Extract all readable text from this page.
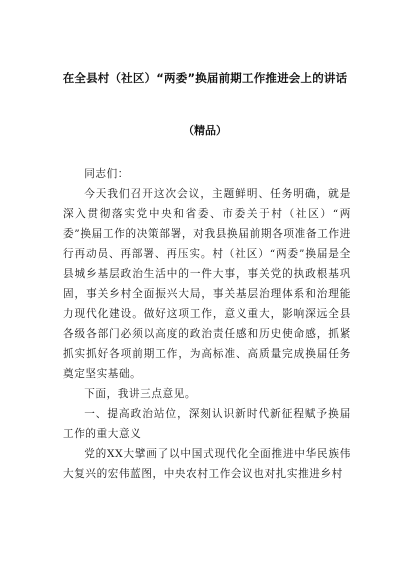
在全县村（社区）“两委”换届前期工作推进会上的讲话
（精品）

同志们：

今天我们召开这次会议，主题鲜明、任务明确，就是深入贯彻落实党中央和省委、市委关于村（社区）“两委”换届工作的决策部署，对我县换届前期各项准备工作进行再动员、再部署、再压实。村（社区）“两委”换届是全县城乡基层政治生活中的一件大事，事关党的执政根基巩固，事关乡村全面振兴大局，事关基层治理体系和治理能力现代化建设。做好这项工作，意义重大，影响深远全县各级各部门必须以高度的政治责任感和历史使命感，抓紧抓实抓好各项前期工作，为高标准、高质量完成换届任务奠定坚实基础。

下面，我讲三点意见。

一、提高政治站位，深刻认识新时代新征程赋予换届工作的重大意义

党的XX大擘画了以中国式现代化全面推进中华民族伟大复兴的宏伟蓝图，中央农村工作会议也对扎实推进乡村
